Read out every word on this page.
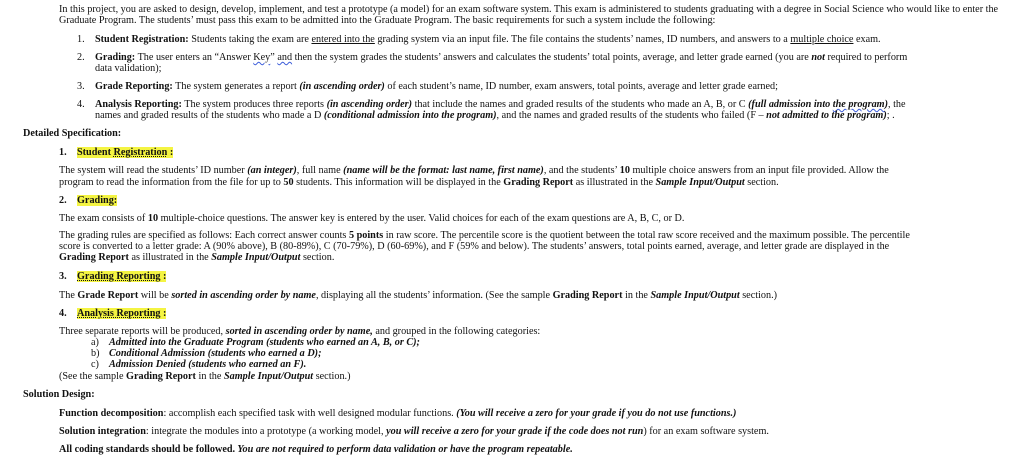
In this project, you are asked to design, develop, implement, and test a prototype (a model) for an exam software system. This exam is administered to students graduating with a degree in Social Science who would like to enter the Graduate Program. The students’ must pass this exam to be admitted into the Graduate Program. The basic requirements for such a system include the following:
1. Student Registration: Students taking the exam are entered into the grading system via an input file. The file contains the students’ names, ID numbers, and answers to a multiple choice exam.
2. Grading: The user enters an “Answer Key” and then the system grades the students’ answers and calculates the students’ total points, average, and letter grade earned (you are not required to perform
data validation);
3. Grade Reporting: The system generates a report (in ascending order) of each student’s name, ID number, exam answers, total points, average and letter grade earned;
4. Analysis Reporting: The system produces three reports (in ascending order) that include the names and graded results of the students who made an A, B, or C (full admission into the program), the
names and graded results of the students who made a D (conditional admission into the program), and the names and graded results of the students who failed (F – not admitted to the program); .
Detailed Specification:
1. Student Registration :
The system will read the students’ ID number (an integer), full name (name will be the format: last name, first name), and the students’ 10 multiple choice answers from an input file provided. Allow the
program to read the information from the file for up to 50 students. This information will be displayed in the Grading Report as illustrated in the Sample Input/Output section.
2. Grading:
The exam consists of 10 multiple-choice questions. The answer key is entered by the user. Valid choices for each of the exam questions are A, B, C, or D.
The grading rules are specified as follows: Each correct answer counts 5 points in raw score. The percentile score is the quotient between the total raw score received and the maximum possible. The percentile
score is converted to a letter grade: A (90% above), B (80-89%), C (70-79%), D (60-69%), and F (59% and below). The students’ answers, total points earned, average, and letter grade are displayed in the
Grading Report as illustrated in the Sample Input/Output section.
3. Grading Reporting :
The Grade Report will be sorted in ascending order by name, displaying all the students’ information. (See the sample Grading Report in the Sample Input/Output section.)
4. Analysis Reporting :
Three separate reports will be produced, sorted in ascending order by name, and grouped in the following categories:
a) Admitted into the Graduate Program (students who earned an A, B, or C);
b) Conditional Admission (students who earned a D);
c) Admission Denied (students who earned an F).
(See the sample Grading Report in the Sample Input/Output section.)
Solution Design:
Function decomposition: accomplish each specified task with well designed modular functions. (You will receive a zero for your grade if you do not use functions.)
Solution integration: integrate the modules into a prototype (a working model, you will receive a zero for your grade if the code does not run) for an exam software system.
All coding standards should be followed. You are not required to perform data validation or have the program repeatable.
